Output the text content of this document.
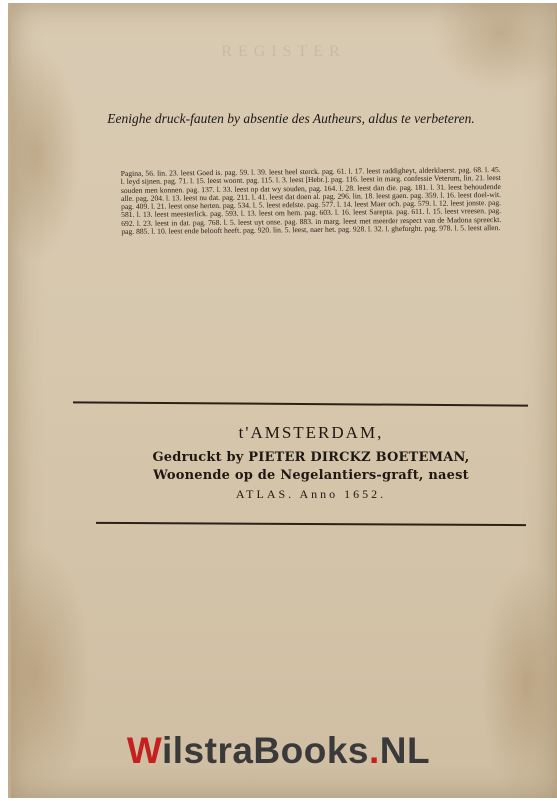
REGISTER
Eenighe druck-fauten by absentie des Autheurs, aldus te verbeteren.
Pagina, 56. lin. 23. leest Goed is. pag. 59. l. 39. leest heel sterck. pag. 61. l. 17. leest raddigheyt, alderklaerst. pag. 68. l. 45. l. leyd sijnen. pag. 71. l. 15. leest woont. pag. 115. l. 3. leest [Hebr.]. pag. 116. leest in marg. confessie Veterum, lin. 21. leest souden men konnen. pag. 137. l. 33. leest op dat wy souden, pag. 164. l. 28. leest dan die. pag. 181. l. 31. leest behoudende alle. pag. 204. l. 13. leest nu dat. pag. 211. l. 41. leest dat doen al. pag. 296. lin. 18. leest gaen. pag. 359. l. 16. leest doel-wit. pag. 409. l. 21. leest onse herten. pag. 534. l. 5. leest edelste. pag. 577. l. 14. leest Maer och. pag. 579. l. 12. leest jonste. pag. 581. l. 13. leest meesterlick. pag. 593. l. 13. leest om hem. pag. 603. l. 16. leest Sarepta. pag. 611. l. 15. leest vreesen. pag. 692. l. 23. leest in dat. pag. 768. l. 5. leest uyt onse. pag. 883. in marg. leest met meerder respect van de Madona spreeckt. pag. 885. l. 10. leest ende belooft heeft. pag. 920. lin. 5. leest, naer het. pag. 928. l. 32. l. gheforght. pag. 978. l. 5. leest allen.
t'AMSTERDAM,
Gedruckt by PIETER DIRCKZ BOETEMAN,
Woonende op de Negelantiers-graft, naest
ATLAS. Anno 1652.
WilstraBooks.NL
